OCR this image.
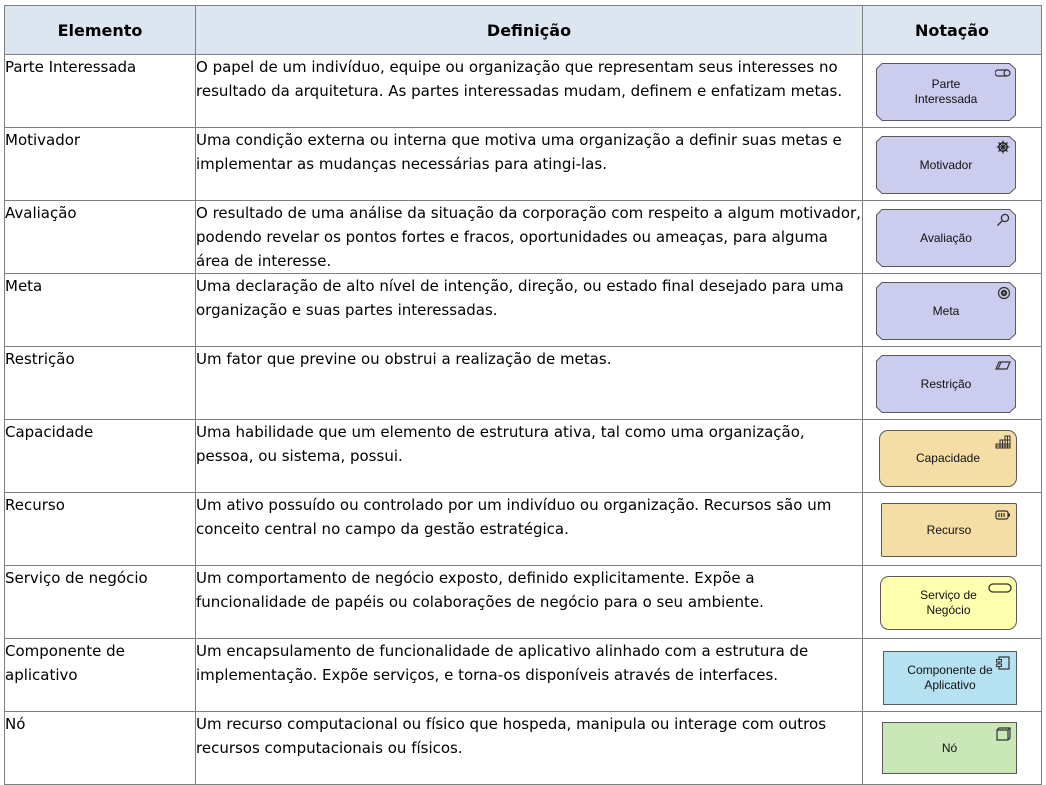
Elemento	Definição	Notação
Parte Interessada	O papel de um indivíduo, equipe ou organização que representam seus interesses no resultado da arquitetura. As partes interessadas mudam, definem e enfatizam metas.	Parte
Interessada

Motivador	Uma condição externa ou interna que motiva uma organização a definir suas metas e implementar as mudanças necessárias para atingi-las.	Motivador

Avaliação	O resultado de uma análise da situação da corporação com respeito a algum motivador, podendo revelar os pontos fortes e fracos, oportunidades ou ameaças, para alguma área de interesse.	Avaliação

Meta	Uma declaração de alto nível de intenção, direção, ou estado final desejado para uma organização e suas partes interessadas.	Meta

Restrição	Um fator que previne ou obstrui a realização de metas.	Restrição

Capacidade	Uma habilidade que um elemento de estrutura ativa, tal como uma organização, pessoa, ou sistema, possui.	Capacidade

Recurso	Um ativo possuído ou controlado por um indivíduo ou organização. Recursos são um conceito central no campo da gestão estratégica.	Recurso

Serviço de negócio	Um comportamento de negócio exposto, definido explicitamente. Expõe a funcionalidade de papéis ou colaborações de negócio para o seu ambiente.	Serviço de
Negócio

Componente de aplicativo	Um encapsulamento de funcionalidade de aplicativo alinhado com a estrutura de implementação. Expõe serviços, e torna-os disponíveis através de interfaces.	Componente de
Aplicativo

Nó	Um recurso computacional ou físico que hospeda, manipula ou interage com outros recursos computacionais ou físicos.	Nó
